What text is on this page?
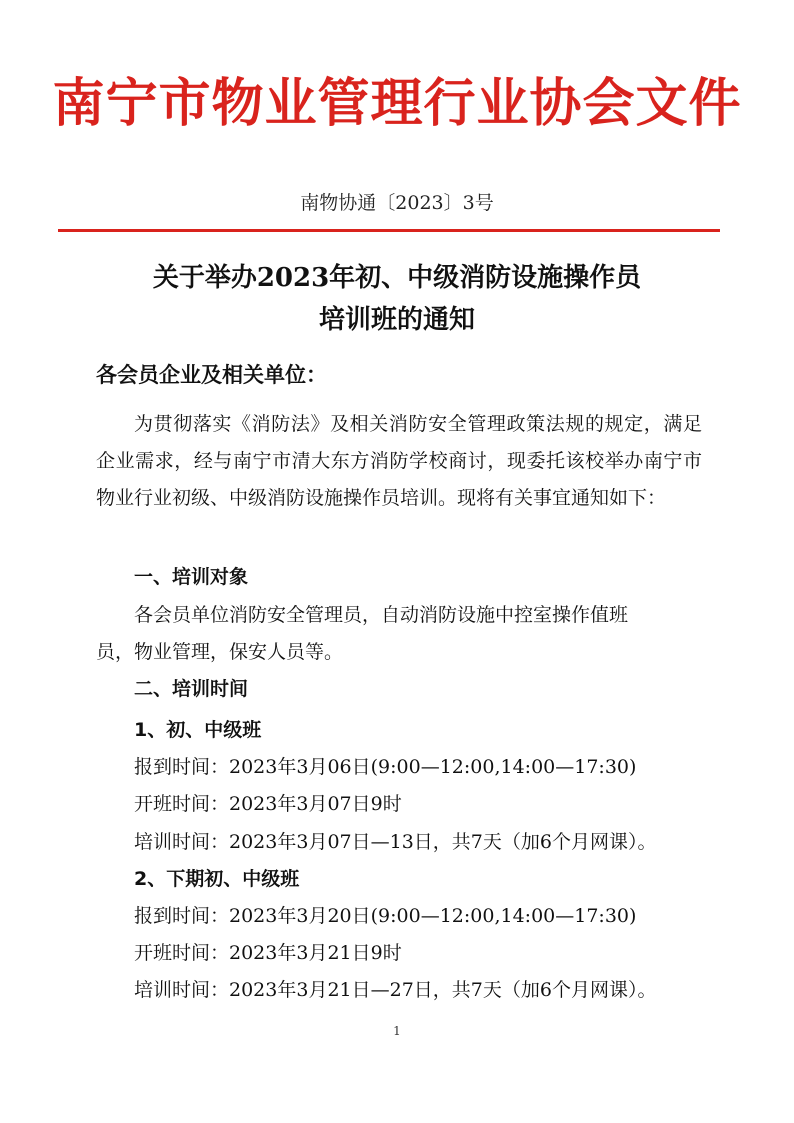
南宁市物业管理行业协会文件
南物协通〔2023〕3号
关于举办2023年初、中级消防设施操作员
培训班的通知
各会员企业及相关单位：

为贯彻落实《消防法》及相关消防安全管理政策法规的规定，满足企业需求，经与南宁市清大东方消防学校商讨，现委托该校举办南宁市物业行业初级、中级消防设施操作员培训。现将有关事宜通知如下：

一、培训对象
各会员单位消防安全管理员，自动消防设施中控室操作值班
员，物业管理，保安人员等。
二、培训时间
1、初、中级班
报到时间：2023年3月06日(9:00—12:00,14:00—17:30)
开班时间：2023年3月07日9时
培训时间：2023年3月07日—13日，共7天（加6个月网课）。
2、下期初、中级班
报到时间：2023年3月20日(9:00—12:00,14:00—17:30)
开班时间：2023年3月21日9时
培训时间：2023年3月21日—27日，共7天（加6个月网课）。
1
